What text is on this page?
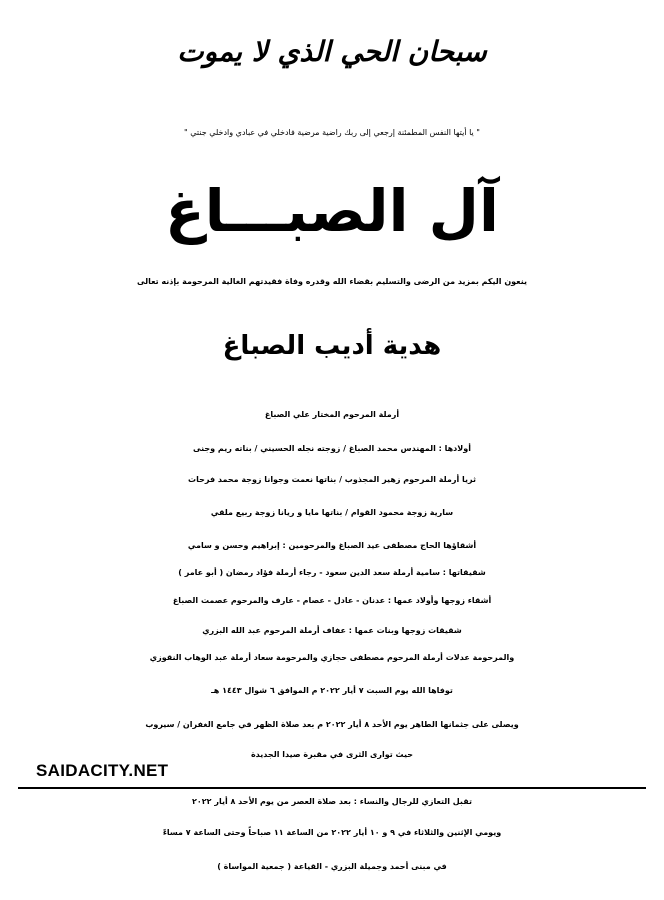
سبحان الحي الذي لا يموت
" يا أيتها النفس المطمئنة إرجعي إلى ربك راضية مرضية فادخلي في عبادي وادخلي جنتي "
آل الصبـــاغ
ينعون اليكم بمزيد من الرضى والتسليم بقضاء الله وقدره وفاة فقيدتهم الغالية المرحومة بإذنه تعالى
هدية أديب الصباغ
أرملة المرحوم المختار علي الصباغ
أولادها : المهندس محمد الصباغ / زوجته نجله الحسيني / بناته ريم وجنى
ثريا أرملة المرحوم زهير المجذوب / بناتها نعمت وجوانا زوجة محمد فرحات
سارية زوجة محمود القوام / بناتها مايا و ريانا زوجة ربيع ملقي
أشقاؤها الحاج مصطفى عيد الصباغ والمرحومين : إبراهيم وحسن و سامي
شقيقاتها : سامية أرملة سعد الدين سعود - رجاء أرملة فؤاد رمضان ( أبو عامر )
أشقاء زوجها وأولاد عمها : عدنان - عادل - عصام - عارف والمرحوم عصمت الصباغ
شقيقات زوجها وبنات عمها : عفاف أرملة المرحوم عبد الله البزري
والمرحومة عدلات أرملة المرحوم مصطفى حجازي والمرحومة سعاد أرملة عبد الوهاب النقوزي
توفاها الله يوم السبت ٧ أيار ٢٠٢٢ م الموافق ٦ شوال ١٤٤٣ هـ
ويصلى على جثمانها الطاهر يوم الأحد ٨ أيار ٢٠٢٢ م بعد صلاة الظهر في جامع الغفران / سيروب
حيث توارى الثرى في مقبرة صيدا الجديدة
SAIDACITY.NET
تقبل التعازي للرجال والنساء : بعد صلاة العصر من يوم الأحد ٨ أيار ٢٠٢٢
ويومي الإثنين والثلاثاء في ٩ و ١٠ أيار ٢٠٢٢ من الساعة ١١ صباحاً وحتى الساعة ٧ مساءً
في مبنى أحمد وجميلة البزري - القياعة ( جمعية المواساة )
